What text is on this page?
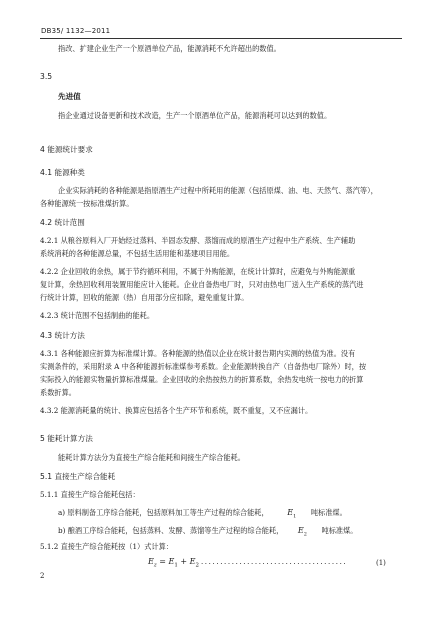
DB35/ 1132—2011
指改、扩建企业生产一个原酒单位产品，能源消耗不允许超出的数值。
3.5
先进值
指企业通过设备更新和技术改造，生产一个原酒单位产品，能源消耗可以达到的数值。
4 能源统计要求
4.1 能源种类
企业实际消耗的各种能源是指原酒生产过程中所耗用的能源（包括原煤、油、电、天然气、蒸汽等），
各种能源统一按标准煤折算。
4.2 统计范围
4.2.1 从粮谷原料入厂开始经过蒸料、半固态发酵、蒸馏而成的原酒生产过程中生产系统、生产辅助
系统消耗的各种能源总量，不包括生活用能和基建项目用能。
4.2.2 企业回收的余热，属于节约循环利用，不属于外购能源，在统计计算时，应避免与外购能源重
复计算，余热回收利用装置用能应计入能耗。企业自备热电厂时，只对由热电厂送入生产系统的蒸汽进
行统计计算，回收的能源（热）自用部分应扣除，避免重复计算。
4.2.3 统计范围不包括制曲的能耗。
4.3 统计方法
4.3.1 各种能源应折算为标准煤计算。各种能源的热值以企业在统计报告期内实测的热值为准。没有
实测条件的，采用附录 A 中各种能源折标准煤参考系数。企业能源转换自产（自备热电厂除外）时，按
实际投入的能源实物量折算标准煤量。企业回收的余热按热力的折算系数，余热发电统一按电力的折算
系数折算。
4.3.2 能源消耗量的统计、换算应包括各个生产环节和系统，既不重复，又不应漏计。
5 能耗计算方法
能耗计算方法分为直接生产综合能耗和间接生产综合能耗。
5.1 直接生产综合能耗
5.1.1 直接生产综合能耗包括：
a) 原料制备工序综合能耗，包括原料加工等生产过程的综合能耗， $E_1$ 吨标准煤。
b) 酿酒工序综合能耗，包括蒸料、发酵、蒸馏等生产过程的综合能耗， $E_2$ 吨标准煤。
5.1.2 直接生产综合能耗按（1）式计算：
$E_z = E_1 + E_2$ . . . . . . . . . . . . . . . . . . . . . . . . . . . . . . . . . . . . . .	(1)
2
